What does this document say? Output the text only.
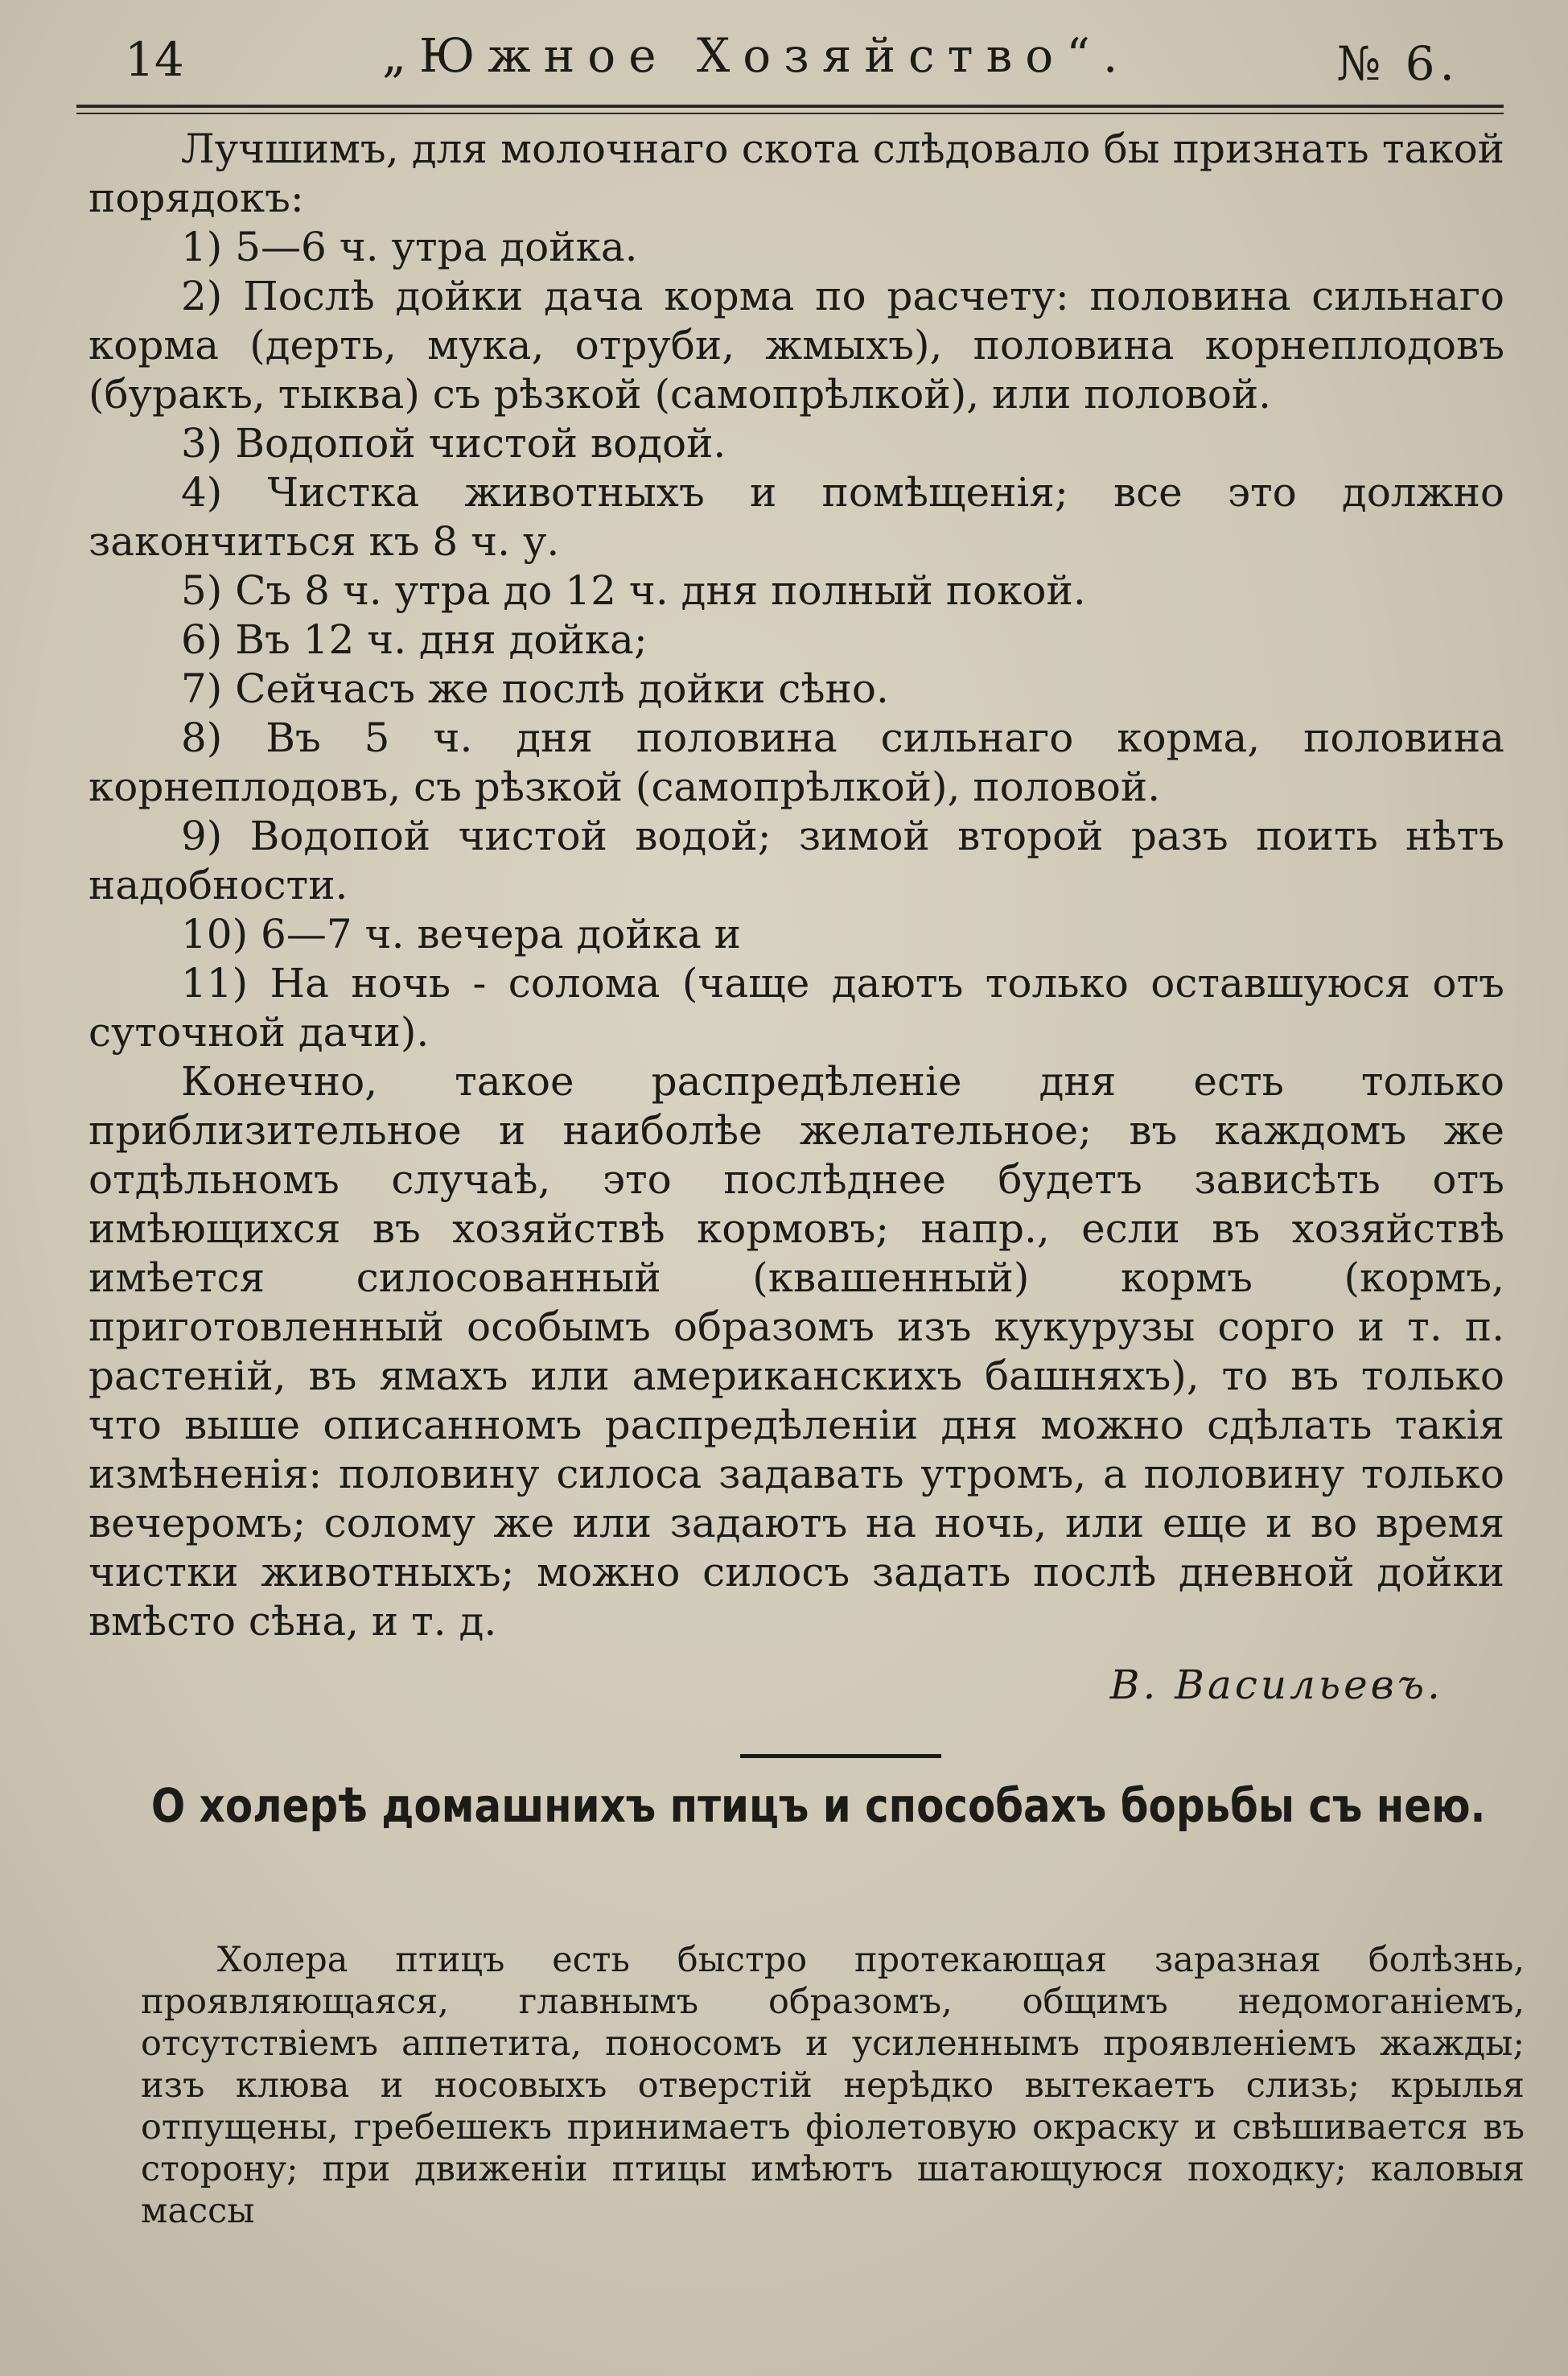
14	„Южное Хозяйство“.	№ 6.

Лучшимъ, для молочнаго скота слѣдовало бы признать такой порядокъ:

1) 5—6 ч. утра дойка.

2) Послѣ дойки дача корма по расчету: половина сильнаго корма (дерть, мука, отруби, жмыхъ), половина корнеплодовъ (буракъ, тыква) съ рѣзкой (самопрѣлкой), или половой.

3) Водопой чистой водой.

4) Чистка животныхъ и помѣщенія; все это должно закончиться къ 8 ч. у.

5) Съ 8 ч. утра до 12 ч. дня полный покой.

6) Въ 12 ч. дня дойка;

7) Сейчасъ же послѣ дойки сѣно.

8) Въ 5 ч. дня половина сильнаго корма, половина корнеплодовъ, съ рѣзкой (самопрѣлкой), половой.

9) Водопой чистой водой; зимой второй разъ поить нѣтъ надобности.

10) 6—7 ч. вечера дойка и

11) На ночь - солома (чаще даютъ только оставшуюся отъ суточной дачи).

Конечно, такое распредѣленіе дня есть только приблизительное и наиболѣе желательное; въ каждомъ же отдѣльномъ случаѣ, это послѣднее будетъ зависѣть отъ имѣющихся въ хозяйствѣ кормовъ; напр., если въ хозяйствѣ имѣется силосованный (квашенный) кормъ (кормъ, приготовленный особымъ образомъ изъ кукурузы сорго и т. п. растеній, въ ямахъ или американскихъ башняхъ), то въ только что выше описанномъ распредѣленіи дня можно сдѣлать такія измѣненія: половину силоса задавать утромъ, а половину только вечеромъ; солому же или задаютъ на ночь, или еще и во время чистки животныхъ; можно силосъ задать послѣ дневной дойки вмѣсто сѣна, и т. д.

В. Васильевъ.
О холерѣ домашнихъ птицъ и способахъ борьбы съ нею.

Холера птицъ есть быстро протекающая заразная болѣзнь, проявляющаяся, главнымъ образомъ, общимъ недомоганіемъ, отсутствіемъ аппетита, поносомъ и усиленнымъ проявленіемъ жажды; изъ клюва и носовыхъ отверстій нерѣдко вытекаетъ слизь; крылья отпущены, гребешекъ принимаетъ фіолетовую окраску и свѣшивается въ сторону; при движеніи птицы имѣютъ шатающуюся походку; каловыя массы
